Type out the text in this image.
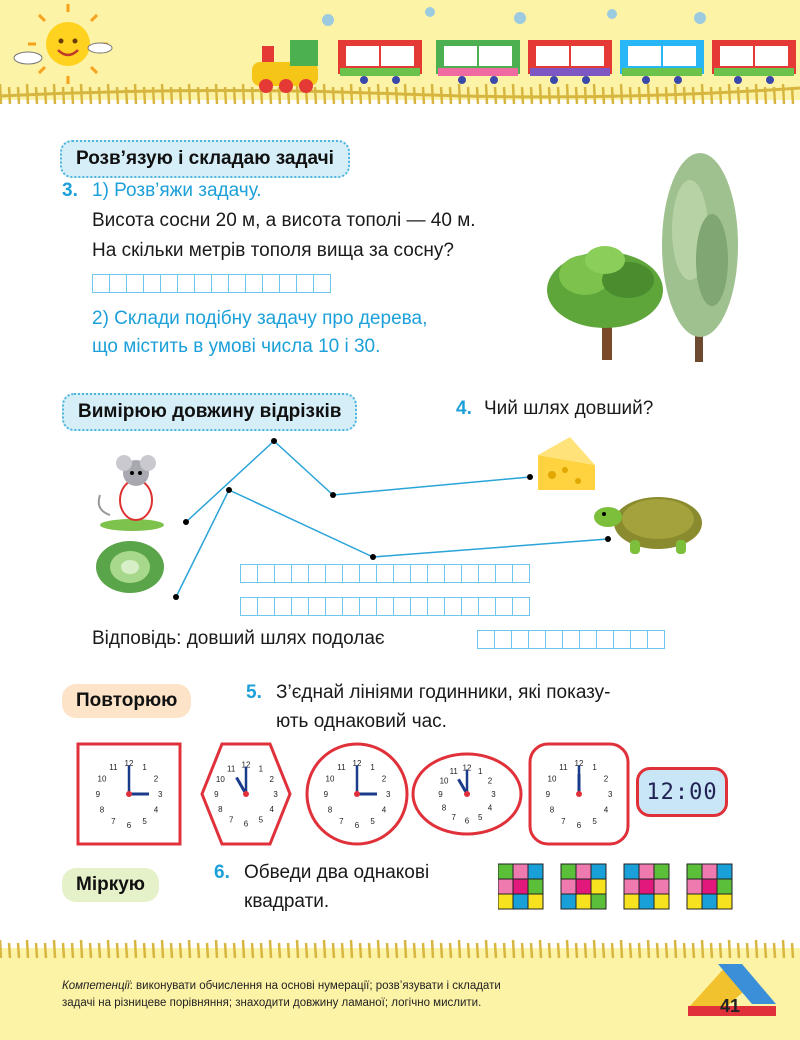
Розв’язую і складаю задачі
3. 1) Розв’яжи задачу.
Висота сосни 20 м, а висота тополі — 40 м.
На скільки метрів тополя вища за сосну?
2) Склади подібну задачу про дерева,
що містить в умові числа 10 і 30.
Вимірюю довжину відрізків	4. Чий шлях довший?
Відповідь: довший шлях подолає
Повторюю	5. З’єднай лініями годинники, які показу-
ють однаковий час.
1
2
3
4
5
6
7
8
9
10
11 12
1
2
3
4
5
6
7
8
9
10
11 12	1
2
3
4
5
6
7
8
9
10
11 12
1
2
3
4
5
6
7
8
9
10
11 12	1
2
3
4
5
6
7
8
9
10
11 12
12:00
Міркую
6. Обведи два однакові
квадрати.
Компетенції: виконувати обчислення на основі нумерації; розв’язувати і складати
задачі на різницеве порівняння; знаходити довжину ламаної; логічно мислити.	41
